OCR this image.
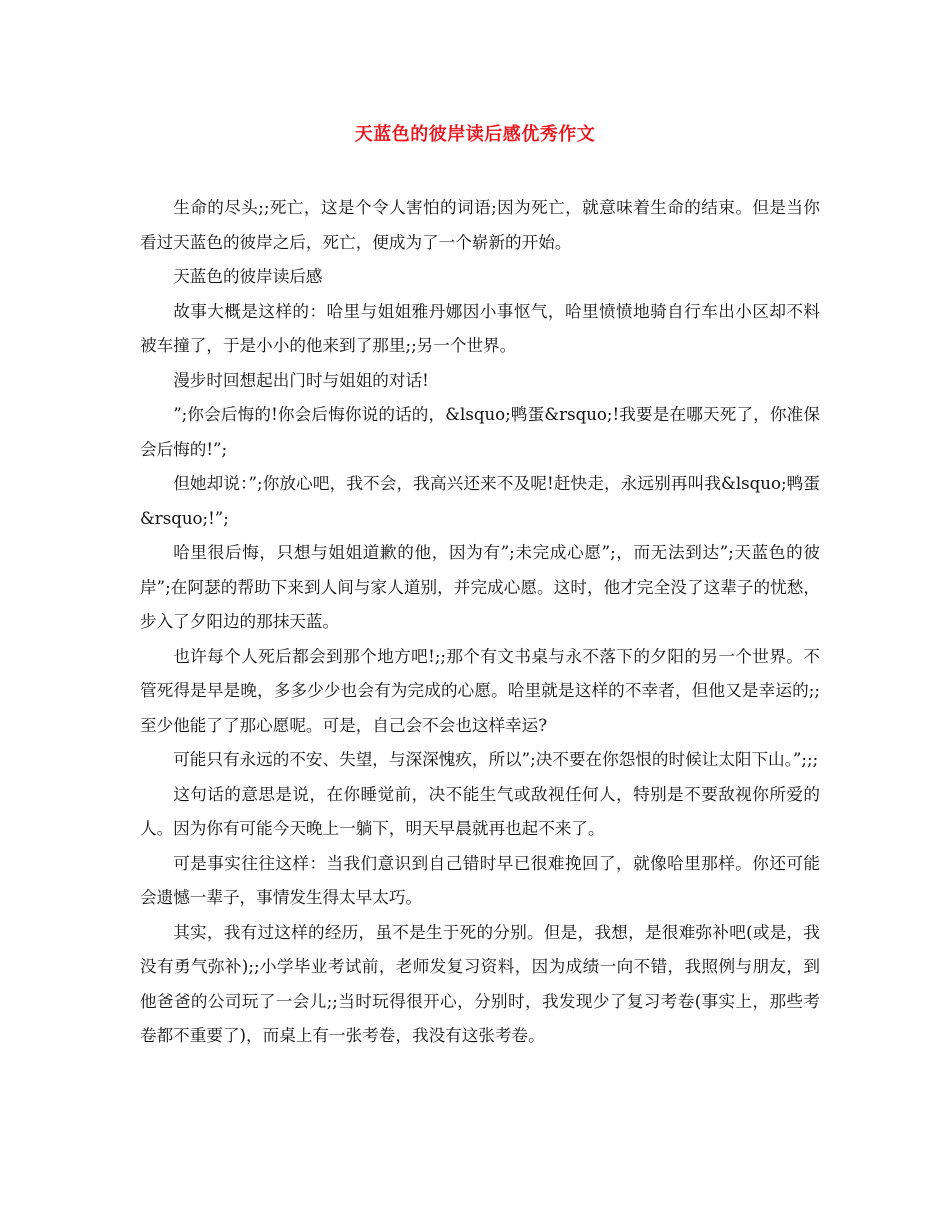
天蓝色的彼岸读后感优秀作文

生命的尽头;;死亡，这是个令人害怕的词语;因为死亡，就意味着生命的结束。但是当你看过天蓝色的彼岸之后，死亡，便成为了一个崭新的开始。

天蓝色的彼岸读后感

故事大概是这样的：哈里与姐姐雅丹娜因小事怄气，哈里愤愤地骑自行车出小区却不料被车撞了，于是小小的他来到了那里;;另一个世界。

漫步时回想起出门时与姐姐的对话!

”;你会后悔的!你会后悔你说的话的，&lsquo;鸭蛋&rsquo;!我要是在哪天死了，你准保会后悔的!”;

但她却说：”;你放心吧，我不会，我高兴还来不及呢!赶快走，永远别再叫我&lsquo;鸭蛋&rsquo;!”;

哈里很后悔，只想与姐姐道歉的他，因为有”;未完成心愿”;，而无法到达”;天蓝色的彼岸”;在阿瑟的帮助下来到人间与家人道别，并完成心愿。这时，他才完全没了这辈子的忧愁，步入了夕阳边的那抹天蓝。

也许每个人死后都会到那个地方吧!;;那个有文书桌与永不落下的夕阳的另一个世界。不管死得是早是晚，多多少少也会有为完成的心愿。哈里就是这样的不幸者，但他又是幸运的;;至少他能了了那心愿呢。可是，自己会不会也这样幸运?

可能只有永远的不安、失望，与深深愧疚，所以”;决不要在你怨恨的时候让太阳下山。”;;;

这句话的意思是说，在你睡觉前，决不能生气或敌视任何人，特别是不要敌视你所爱的人。因为你有可能今天晚上一躺下，明天早晨就再也起不来了。

可是事实往往这样：当我们意识到自己错时早已很难挽回了，就像哈里那样。你还可能会遗憾一辈子，事情发生得太早太巧。

其实，我有过这样的经历，虽不是生于死的分别。但是，我想，是很难弥补吧(或是，我没有勇气弥补);;小学毕业考试前，老师发复习资料，因为成绩一向不错，我照例与朋友，到他爸爸的公司玩了一会儿;;当时玩得很开心，分别时，我发现少了复习考卷(事实上，那些考卷都不重要了)，而桌上有一张考卷，我没有这张考卷。
